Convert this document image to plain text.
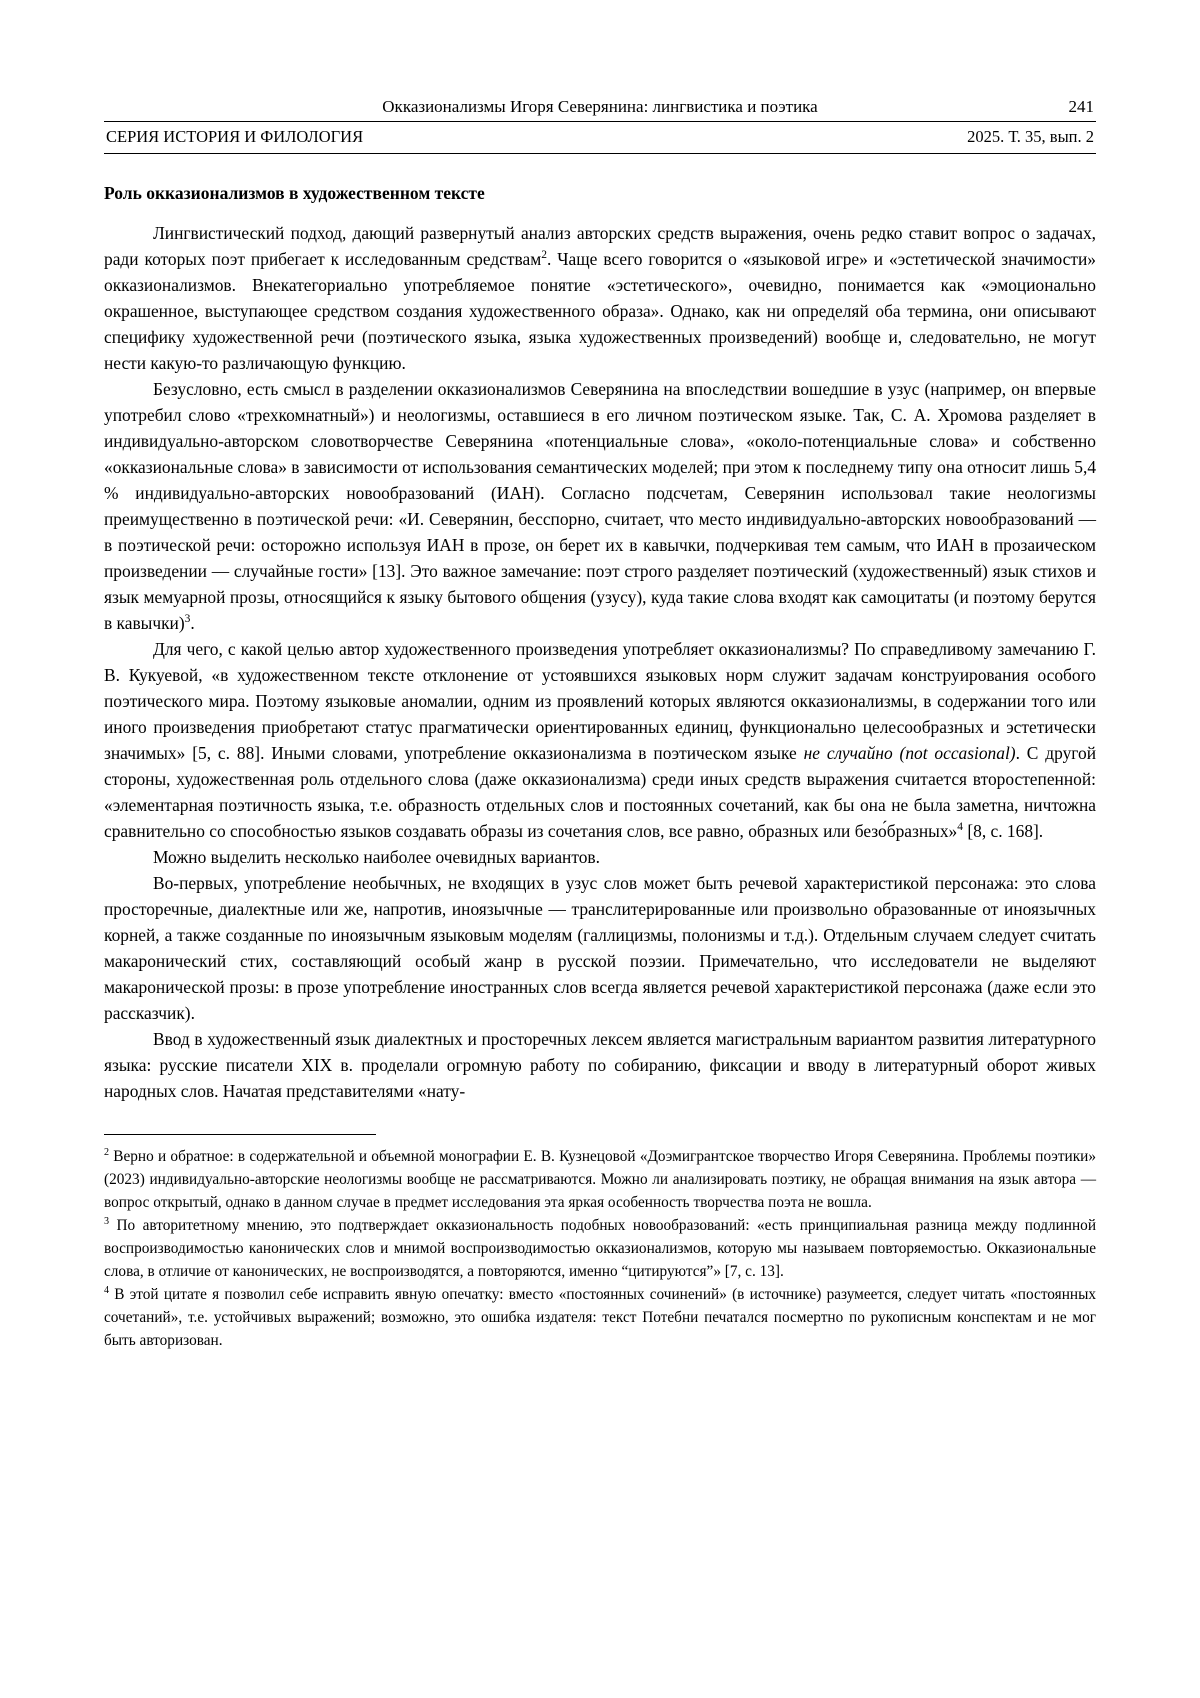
Окказионализмы Игоря Северянина: лингвистика и поэтика	241
СЕРИЯ ИСТОРИЯ И ФИЛОЛОГИЯ	2025. Т. 35, вып. 2
Роль окказионализмов в художественном тексте

Лингвистический подход, дающий развернутый анализ авторских средств выражения, очень редко ставит вопрос о задачах, ради которых поэт прибегает к исследованным средствам$^2$. Чаще всего говорится о «языковой игре» и «эстетической значимости» окказионализмов. Внекатегориально употребляемое понятие «эстетического», очевидно, понимается как «эмоционально окрашенное, выступающее средством создания художественного образа». Однако, как ни определяй оба термина, они описывают специфику художественной речи (поэтического языка, языка художественных произведений) вообще и, следовательно, не могут нести какую-то различающую функцию.

Безусловно, есть смысл в разделении окказионализмов Северянина на впоследствии вошедшие в узус (например, он впервые употребил слово «трехкомнатный») и неологизмы, оставшиеся в его личном поэтическом языке. Так, С. А. Хромова разделяет в индивидуально-авторском словотворчестве Северянина «потенциальные слова», «около-потенциальные слова» и собственно «окказиональные слова» в зависимости от использования семантических моделей; при этом к последнему типу она относит лишь 5,4 % индивидуально-авторских новообразований (ИАН). Согласно подсчетам, Северянин использовал такие неологизмы преимущественно в поэтической речи: «И. Северянин, бесспорно, считает, что место индивидуально-авторских новообразований — в поэтической речи: осторожно используя ИАН в прозе, он берет их в кавычки, подчеркивая тем самым, что ИАН в прозаическом произведении — случайные гости» [13]. Это важное замечание: поэт строго разделяет поэтический (художественный) язык стихов и язык мемуарной прозы, относящийся к языку бытового общения (узусу), куда такие слова входят как самоцитаты (и поэтому берутся в кавычки)$^3$.

Для чего, с какой целью автор художественного произведения употребляет окказионализмы? По справедливому замечанию Г. В. Кукуевой, «в художественном тексте отклонение от устоявшихся языковых норм служит задачам конструирования особого поэтического мира. Поэтому языковые аномалии, одним из проявлений которых являются окказионализмы, в содержании того или иного произведения приобретают статус прагматически ориентированных единиц, функционально целесообразных и эстетически значимых» [5, с. 88]. Иными словами, употребление окказионализма в поэтическом языке не случайно (not occasional). С другой стороны, художественная роль отдельного слова (даже окказионализма) среди иных средств выражения считается второстепенной: «элементарная поэтичность языка, т.е. образность отдельных слов и постоянных сочетаний, как бы она не была заметна, ничтожна сравнительно со способностью языков создавать образы из сочетания слов, все равно, образных или безо́бразных»$^4$ [8, с. 168].

Можно выделить несколько наиболее очевидных вариантов.

Во-первых, употребление необычных, не входящих в узус слов может быть речевой характеристикой персонажа: это слова просторечные, диалектные или же, напротив, иноязычные — транслитерированные или произвольно образованные от иноязычных корней, а также созданные по иноязычным языковым моделям (галлицизмы, полонизмы и т.д.). Отдельным случаем следует считать макаронический стих, составляющий особый жанр в русской поэзии. Примечательно, что исследователи не выделяют макаронической прозы: в прозе употребление иностранных слов всегда является речевой характеристикой персонажа (даже если это рассказчик).

Ввод в художественный язык диалектных и просторечных лексем является магистральным вариантом развития литературного языка: русские писатели XIX в. проделали огромную работу по собиранию, фиксации и вводу в литературный оборот живых народных слов. Начатая представителями «нату-

$^2$ Верно и обратное: в содержательной и объемной монографии Е. В. Кузнецовой «Доэмигрантское творчество Игоря Северянина. Проблемы поэтики» (2023) индивидуально-авторские неологизмы вообще не рассматриваются. Можно ли анализировать поэтику, не обращая внимания на язык автора — вопрос открытый, однако в данном случае в предмет исследования эта яркая особенность творчества поэта не вошла.

$^3$ По авторитетному мнению, это подтверждает окказиональность подобных новообразований: «есть принципиальная разница между подлинной воспроизводимостью канонических слов и мнимой воспроизводимостью окказионализмов, которую мы называем повторяемостью. Окказиональные слова, в отличие от канонических, не воспроизводятся, а повторяются, именно “цитируются”» [7, с. 13].

$^4$ В этой цитате я позволил себе исправить явную опечатку: вместо «постоянных сочинений» (в источнике) разумеется, следует читать «постоянных сочетаний», т.е. устойчивых выражений; возможно, это ошибка издателя: текст Потебни печатался посмертно по рукописным конспектам и не мог быть авторизован.
